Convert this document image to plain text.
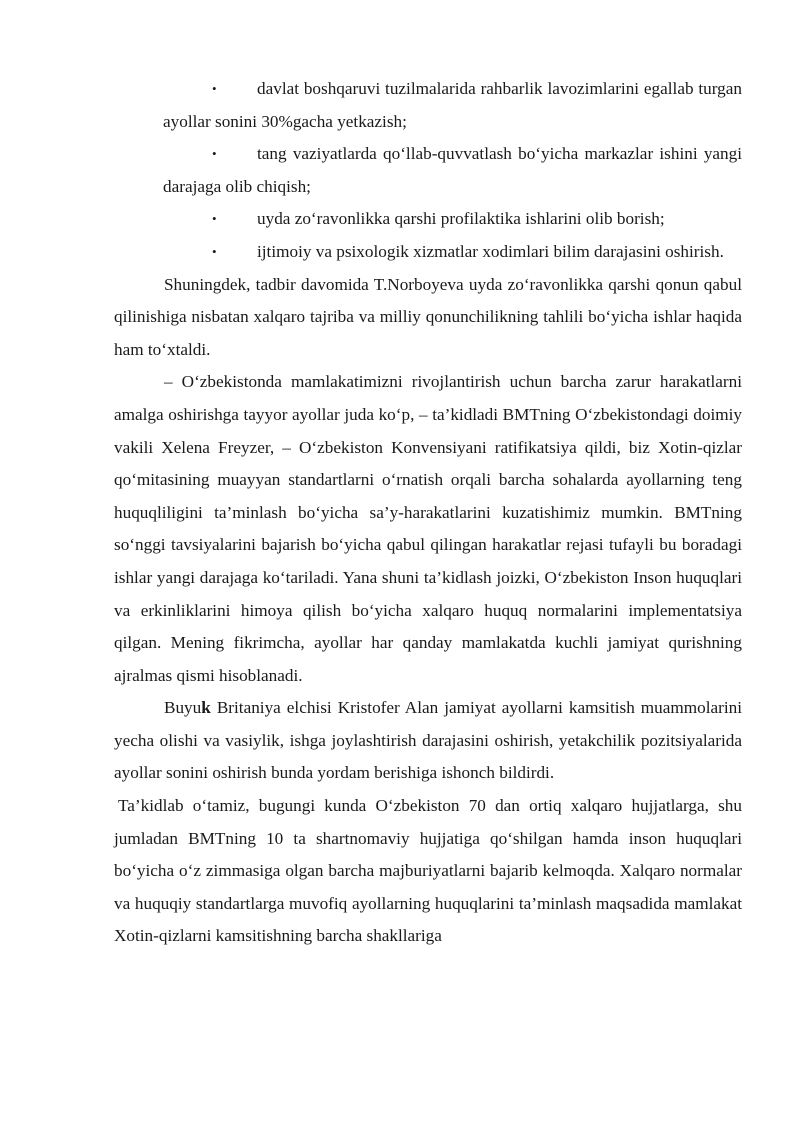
• davlat boshqaruvi tuzilmalarida rahbarlik lavozimlarini egallab turgan ayollar sonini 30%gacha yetkazish;

• tang vaziyatlarda qo‘llab-quvvatlash bo‘yicha markazlar ishini yangi darajaga olib chiqish;

• uyda zo‘ravonlikka qarshi profilaktika ishlarini olib borish;

• ijtimoiy va psixologik xizmatlar xodimlari bilim darajasini oshirish.

Shuningdek, tadbir davomida T.Norboyeva uyda zo‘ravonlikka qarshi qonun qabul qilinishiga nisbatan xalqaro tajriba va milliy qonunchilikning tahlili bo‘yicha ishlar haqida ham to‘xtaldi.

– O‘zbekistonda mamlakatimizni rivojlantirish uchun barcha zarur harakatlarni amalga oshirishga tayyor ayollar juda ko‘p, – ta’kidladi BMTning O‘zbekistondagi doimiy vakili Xelena Freyzer, – O‘zbekiston Konvensiyani ratifikatsiya qildi, biz Xotin-qizlar qo‘mitasining muayyan standartlarni o‘rnatish orqali barcha sohalarda ayollarning teng huquqliligini ta’minlash bo‘yicha sa’y-harakatlarini kuzatishimiz mumkin. BMTning so‘nggi tavsiyalarini bajarish bo‘yicha qabul qilingan harakatlar rejasi tufayli bu boradagi ishlar yangi darajaga ko‘tariladi. Yana shuni ta’kidlash joizki, O‘zbekiston Inson huquqlari va erkinliklarini himoya qilish bo‘yicha xalqaro huquq normalarini implementatsiya qilgan. Mening fikrimcha, ayollar har qanday mamlakatda kuchli jamiyat qurishning ajralmas qismi hisoblanadi.

Buyuk Britaniya elchisi Kristofer Alan jamiyat ayollarni kamsitish muammolarini yecha olishi va vasiylik, ishga joylashtirish darajasini oshirish, yetakchilik pozitsiyalarida ayollar sonini oshirish bunda yordam berishiga ishonch bildirdi.

Ta’kidlab o‘tamiz, bugungi kunda O‘zbekiston 70 dan ortiq xalqaro hujjatlarga, shu jumladan BMTning 10 ta shartnomaviy hujjatiga qo‘shilgan hamda inson huquqlari bo‘yicha o‘z zimmasiga olgan barcha majburiyatlarni bajarib kelmoqda. Xalqaro normalar va huquqiy standartlarga muvofiq ayollarning huquqlarini ta’minlash maqsadida mamlakat Xotin-qizlarni kamsitishning barcha shakllariga
